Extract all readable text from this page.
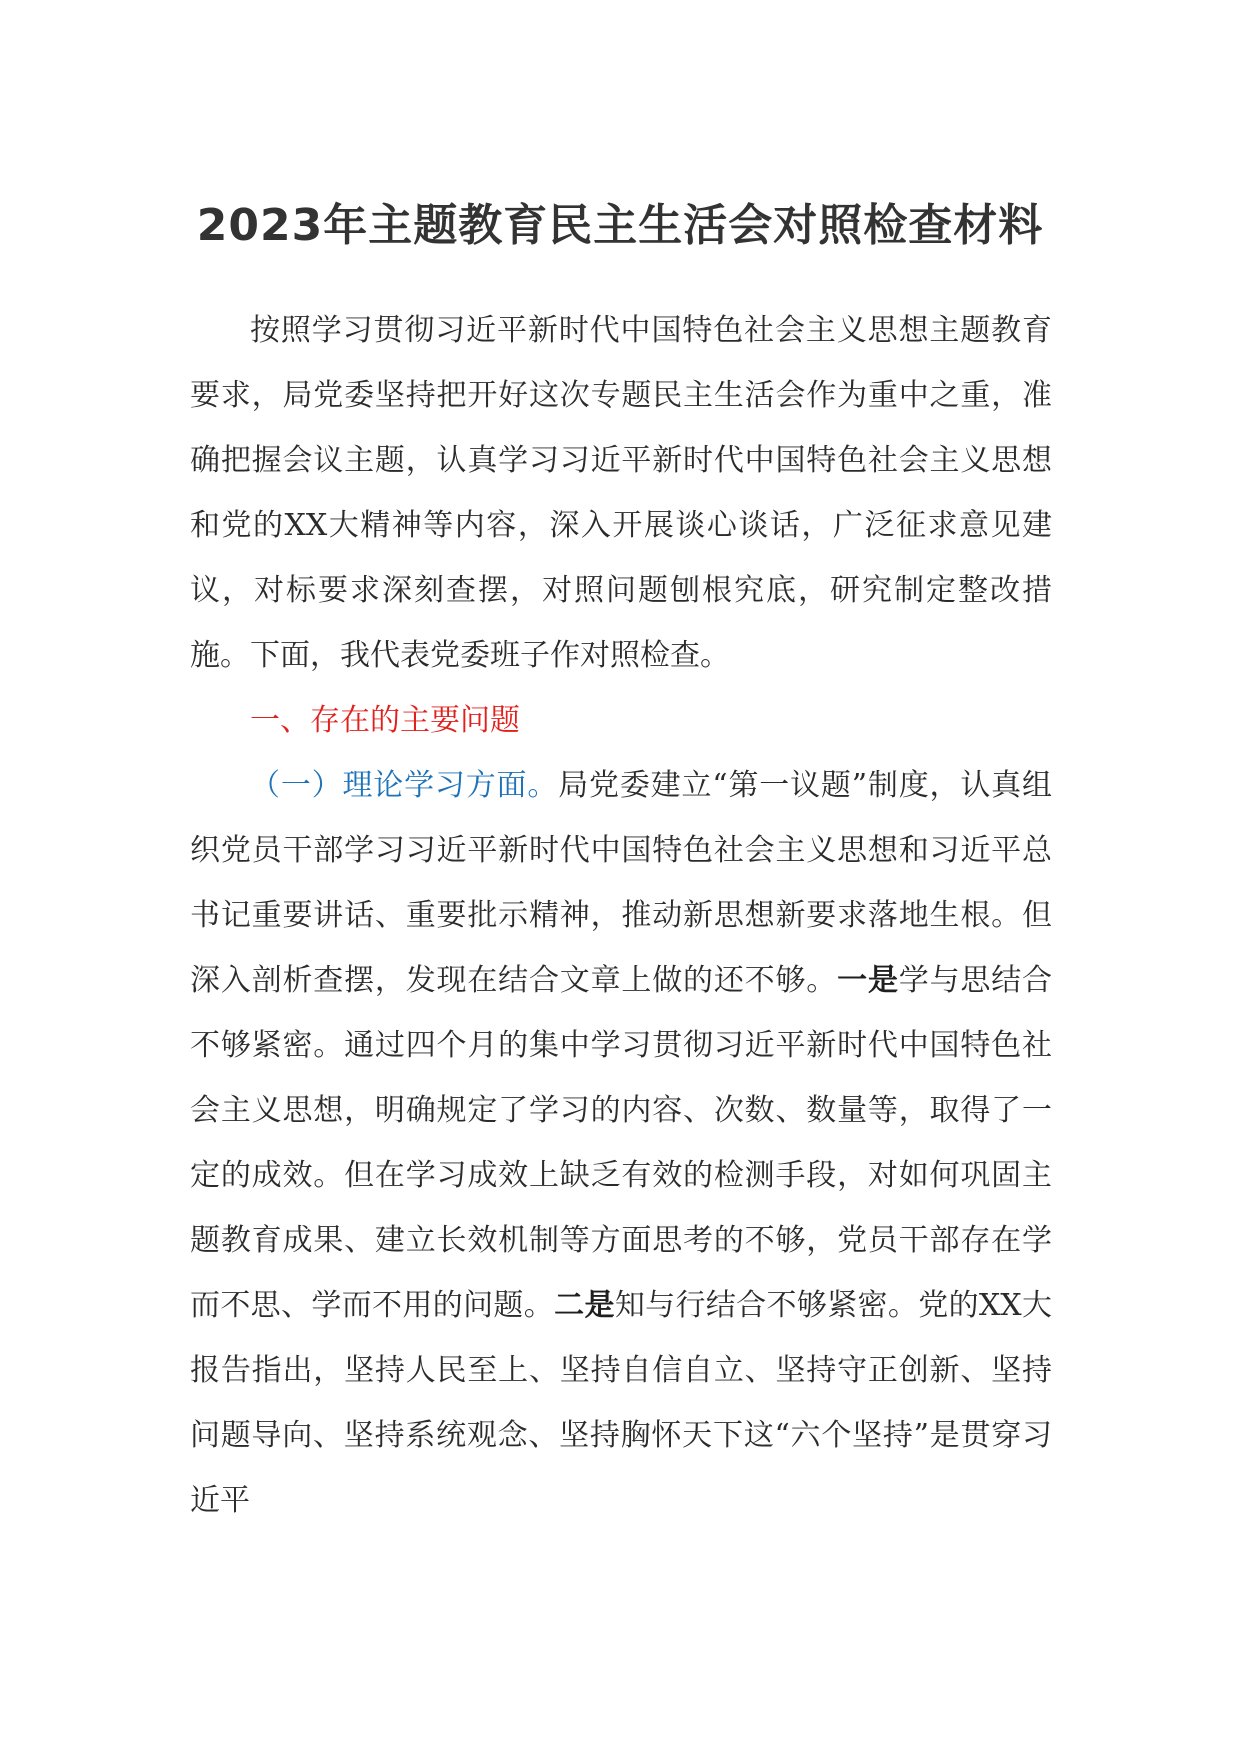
2023年主题教育民主生活会对照检查材料

按照学习贯彻习近平新时代中国特色社会主义思想主题教育要求，局党委坚持把开好这次专题民主生活会作为重中之重，准确把握会议主题，认真学习习近平新时代中国特色社会主义思想和党的XX大精神等内容，深入开展谈心谈话，广泛征求意见建议，对标要求深刻查摆，对照问题刨根究底，研究制定整改措施。下面，我代表党委班子作对照检查。

一、存在的主要问题

（一）理论学习方面。局党委建立“第一议题”制度，认真组织党员干部学习习近平新时代中国特色社会主义思想和习近平总书记重要讲话、重要批示精神，推动新思想新要求落地生根。但深入剖析查摆，发现在结合文章上做的还不够。一是学与思结合不够紧密。通过四个月的集中学习贯彻习近平新时代中国特色社会主义思想，明确规定了学习的内容、次数、数量等，取得了一定的成效。但在学习成效上缺乏有效的检测手段，对如何巩固主题教育成果、建立长效机制等方面思考的不够，党员干部存在学而不思、学而不用的问题。二是知与行结合不够紧密。党的XX大报告指出，坚持人民至上、坚持自信自立、坚持守正创新、坚持问题导向、坚持系统观念、坚持胸怀天下这“六个坚持”是贯穿习近平
